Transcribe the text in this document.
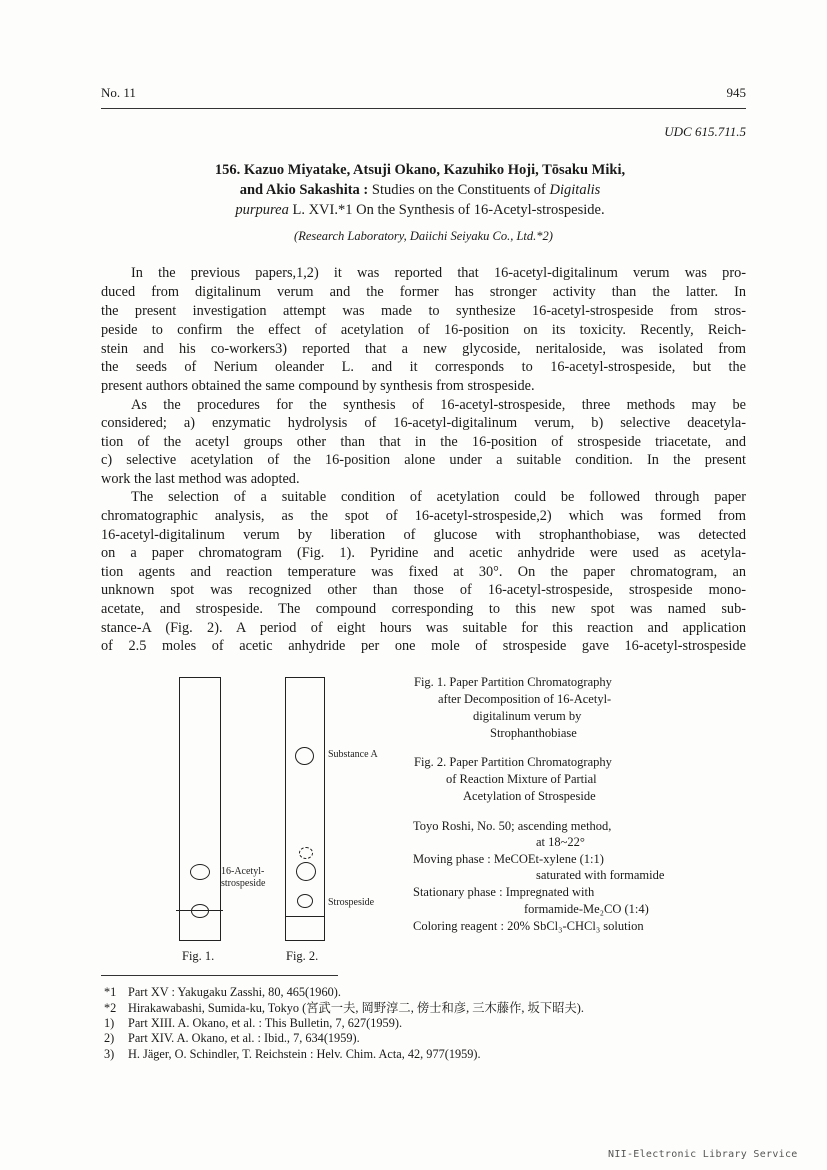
No. 11	945
UDC 615.711.5
156. Kazuo Miyatake, Atsuji Okano, Kazuhiko Hoji, Tōsaku Miki,
and Akio Sakashita : Studies on the Constituents of Digitalis
purpurea L. XVI.*1 On the Synthesis of 16-Acetyl-strospeside.
(Research Laboratory, Daiichi Seiyaku Co., Ltd.*2)
In the previous papers,1,2) it was reported that 16-acetyl-digitalinum verum was pro-
duced from digitalinum verum and the former has stronger activity than the latter. In
the present investigation attempt was made to synthesize 16-acetyl-strospeside from stros-
peside to confirm the effect of acetylation of 16-position on its toxicity. Recently, Reich-
stein and his co-workers3) reported that a new glycoside, neritaloside, was isolated from
the seeds of Nerium oleander L. and it corresponds to 16-acetyl-strospeside, but the
present authors obtained the same compound by synthesis from strospeside.
As the procedures for the synthesis of 16-acetyl-strospeside, three methods may be
considered; a) enzymatic hydrolysis of 16-acetyl-digitalinum verum, b) selective deacetyla-
tion of the acetyl groups other than that in the 16-position of strospeside triacetate, and
c) selective acetylation of the 16-position alone under a suitable condition. In the present
work the last method was adopted.
The selection of a suitable condition of acetylation could be followed through paper
chromatographic analysis, as the spot of 16-acetyl-strospeside,2) which was formed from
16-acetyl-digitalinum verum by liberation of glucose with strophanthobiase, was detected
on a paper chromatogram (Fig. 1). Pyridine and acetic anhydride were used as acetyla-
tion agents and reaction temperature was fixed at 30°. On the paper chromatogram, an
unknown spot was recognized other than those of 16-acetyl-strospeside, strospeside mono-
acetate, and strospeside. The compound corresponding to this new spot was named sub-
stance-A (Fig. 2). A period of eight hours was suitable for this reaction and application
of 2.5 moles of acetic anhydride per one mole of strospeside gave 16-acetyl-strospeside
16-Acetyl-
strospeside
Fig. 1.
Substance A
Strospeside
Fig. 2.
Fig. 1. Paper Partition Chromatography
after Decomposition of 16-Acetyl-
digitalinum verum by
Strophanthobiase
Fig. 2. Paper Partition Chromatography
of Reaction Mixture of Partial
Acetylation of Strospeside
Toyo Roshi, No. 50; ascending method,
at 18~22°
Moving phase : MeCOEt-xylene (1:1)
saturated with formamide
Stationary phase : Impregnated with
formamide-Me₂CO (1:4)
Coloring reagent : 20% SbCl₃-CHCl₃ solution
*1 Part XV : Yakugaku Zasshi, 80, 465(1960).
*2 Hirakawabashi, Sumida-ku, Tokyo (宮武一夫, 岡野淳二, 傍士和彦, 三木藤作, 坂下昭夫).
1) Part XIII. A. Okano, et al. : This Bulletin, 7, 627(1959).
2) Part XIV. A. Okano, et al. : Ibid., 7, 634(1959).
3) H. Jäger, O. Schindler, T. Reichstein : Helv. Chim. Acta, 42, 977(1959).
NII-Electronic Library Service
